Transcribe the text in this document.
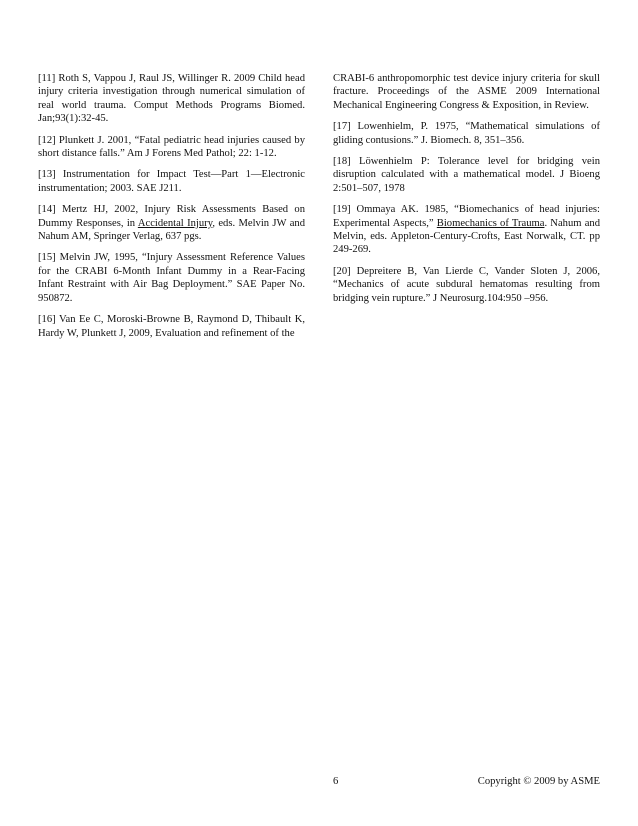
[11] Roth S, Vappou J, Raul JS, Willinger R. 2009 Child head injury criteria investigation through numerical simulation of real world trauma. Comput Methods Programs Biomed. Jan;93(1):32-45.

[12] Plunkett J. 2001, “Fatal pediatric head injuries caused by short distance falls.” Am J Forens Med Pathol; 22: 1-12.

[13] Instrumentation for Impact Test—Part 1—Electronic instrumentation; 2003. SAE J211.

[14] Mertz HJ, 2002, Injury Risk Assessments Based on Dummy Responses, in Accidental Injury, eds. Melvin JW and Nahum AM, Springer Verlag, 637 pgs.

[15] Melvin JW, 1995, “Injury Assessment Reference Values for the CRABI 6-Month Infant Dummy in a Rear-Facing Infant Restraint with Air Bag Deployment.” SAE Paper No. 950872.

[16] Van Ee C, Moroski-Browne B, Raymond D, Thibault K, Hardy W, Plunkett J, 2009, Evaluation and refinement of the

CRABI-6 anthropomorphic test device injury criteria for skull fracture. Proceedings of the ASME 2009 International Mechanical Engineering Congress & Exposition, in Review.

[17] Lowenhielm, P. 1975, “Mathematical simulations of gliding contusions.” J. Biomech. 8, 351–356.

[18] Löwenhielm P: Tolerance level for bridging vein disruption calculated with a mathematical model. J Bioeng 2:501–507, 1978

[19] Ommaya AK. 1985, “Biomechanics of head injuries: Experimental Aspects,” Biomechanics of Trauma. Nahum and Melvin, eds. Appleton-Century-Crofts, East Norwalk, CT. pp 249-269.

[20] Depreitere B, Van Lierde C, Vander Sloten J, 2006, “Mechanics of acute subdural hematomas resulting from bridging vein rupture.” J Neurosurg.104:950 –956.

6	Copyright © 2009 by ASME
